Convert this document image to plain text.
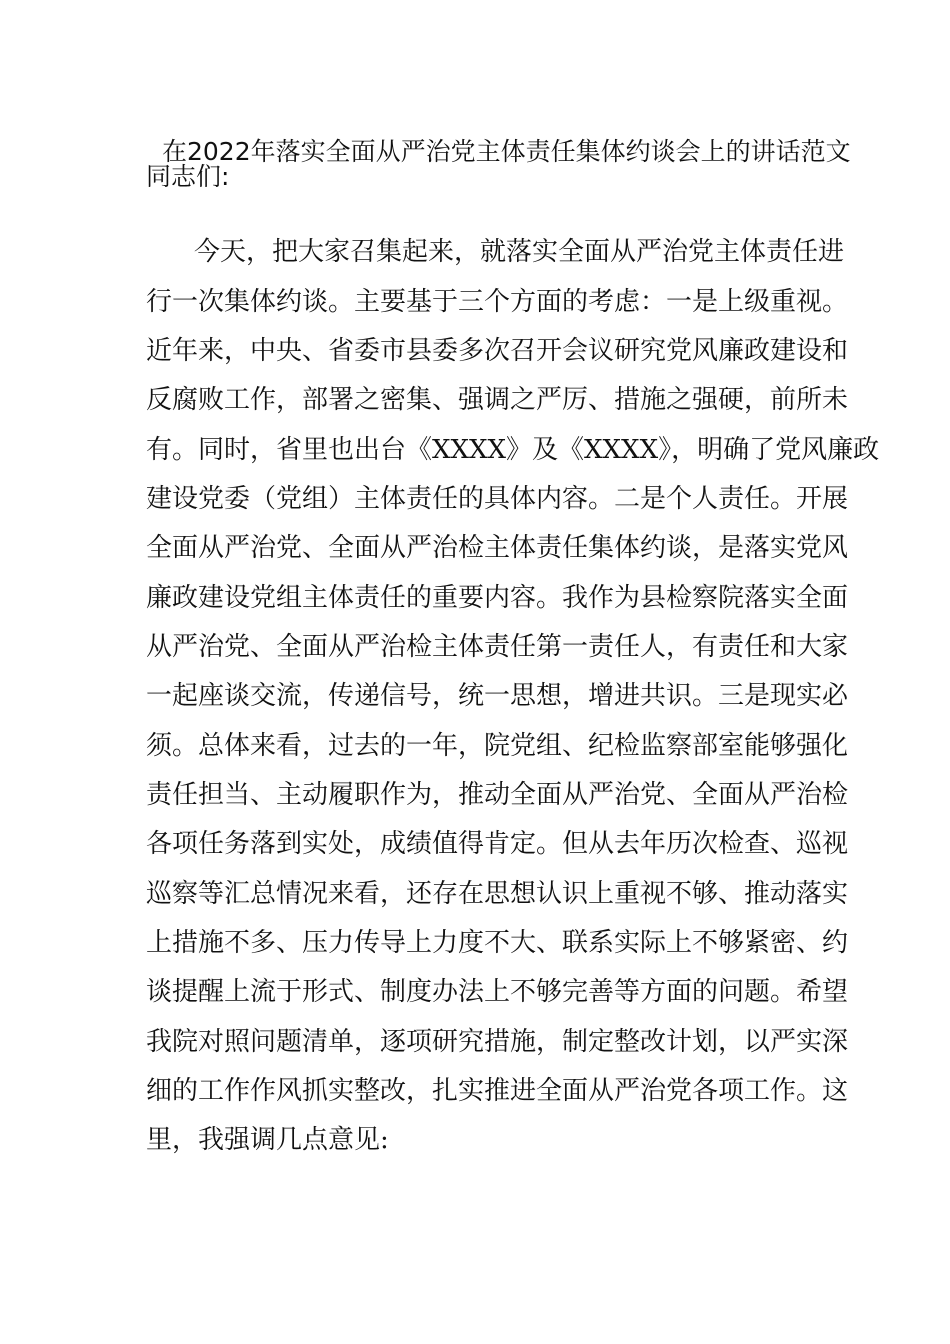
在2022年落实全面从严治党主体责任集体约谈会上的讲话范文
同志们:
今天，把大家召集起来，就落实全面从严治党主体责任进
行一次集体约谈。主要基于三个方面的考虑：一是上级重视。
近年来，中央、省委市县委多次召开会议研究党风廉政建设和
反腐败工作，部署之密集、强调之严厉、措施之强硬，前所未
有。同时，省里也出台《XXXX》及《XXXX》，明确了党风廉政
建设党委（党组）主体责任的具体内容。二是个人责任。开展
全面从严治党、全面从严治检主体责任集体约谈，是落实党风
廉政建设党组主体责任的重要内容。我作为县检察院落实全面
从严治党、全面从严治检主体责任第一责任人，有责任和大家
一起座谈交流，传递信号，统一思想，增进共识。三是现实必
须。总体来看，过去的一年，院党组、纪检监察部室能够强化
责任担当、主动履职作为，推动全面从严治党、全面从严治检
各项任务落到实处，成绩值得肯定。但从去年历次检查、巡视
巡察等汇总情况来看，还存在思想认识上重视不够、推动落实
上措施不多、压力传导上力度不大、联系实际上不够紧密、约
谈提醒上流于形式、制度办法上不够完善等方面的问题。希望
我院对照问题清单，逐项研究措施，制定整改计划，以严实深
细的工作作风抓实整改，扎实推进全面从严治党各项工作。这
里，我强调几点意见:
